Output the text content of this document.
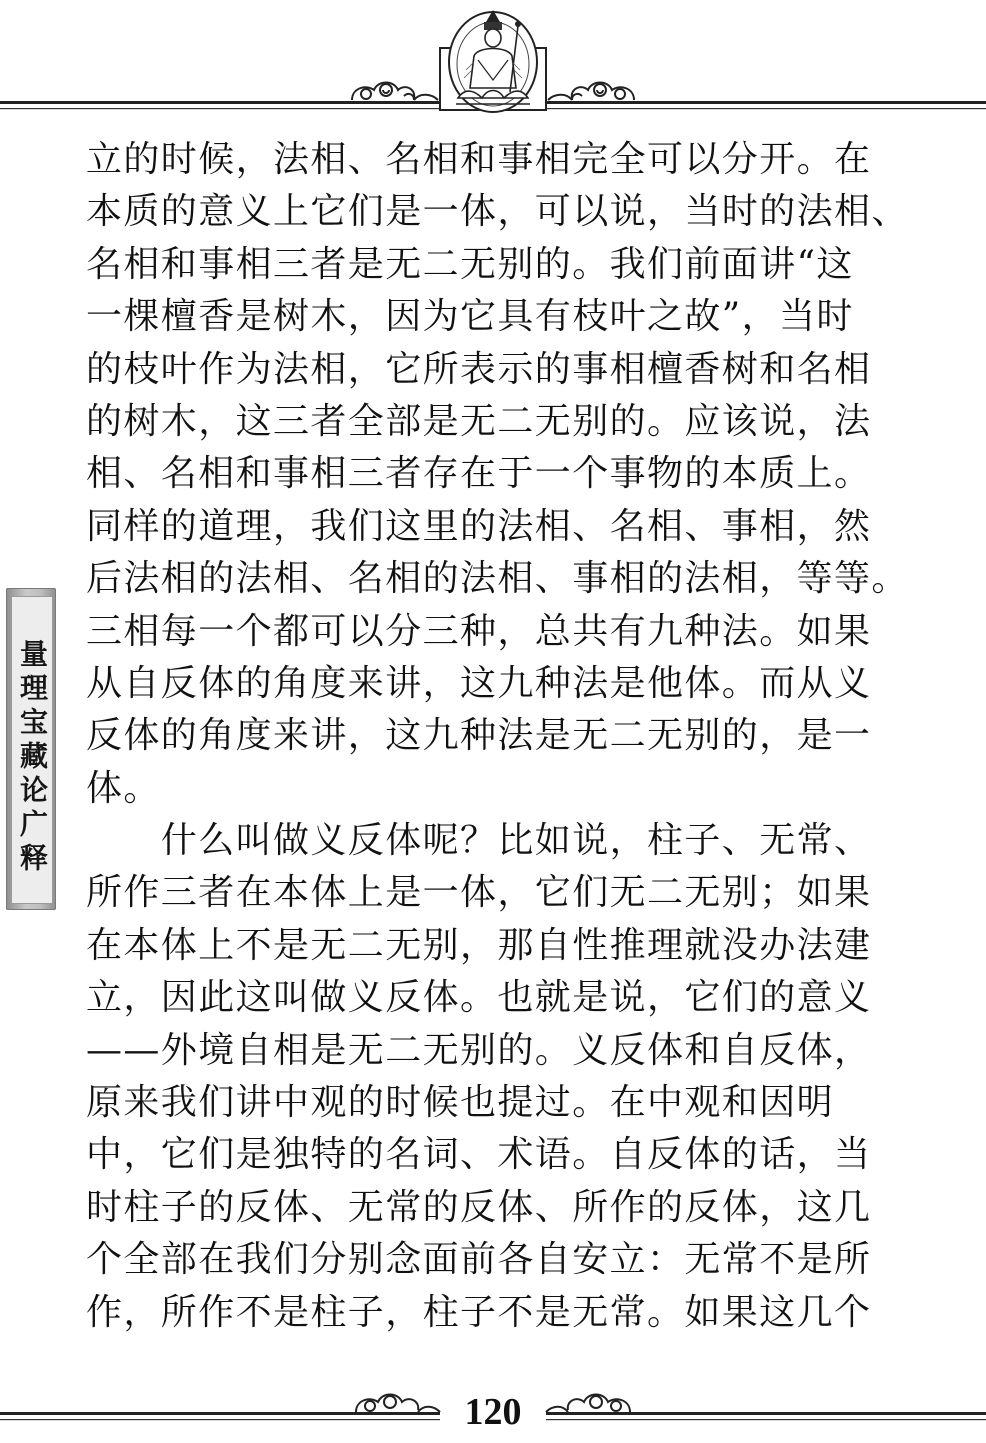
量理宝藏论广释
立的时候，法相、名相和事相完全可以分开。在
本质的意义上它们是一体，可以说，当时的法相、
名相和事相三者是无二无别的。我们前面讲“这
一棵檀香是树木，因为它具有枝叶之故”，当时
的枝叶作为法相，它所表示的事相檀香树和名相
的树木，这三者全部是无二无别的。应该说，法
相、名相和事相三者存在于一个事物的本质上。
同样的道理，我们这里的法相、名相、事相，然
后法相的法相、名相的法相、事相的法相，等等。
三相每一个都可以分三种，总共有九种法。如果
从自反体的角度来讲，这九种法是他体。而从义
反体的角度来讲，这九种法是无二无别的，是一
体。
　　什么叫做义反体呢？比如说，柱子、无常、
所作三者在本体上是一体，它们无二无别；如果
在本体上不是无二无别，那自性推理就没办法建
立，因此这叫做义反体。也就是说，它们的意义
——外境自相是无二无别的。义反体和自反体，
原来我们讲中观的时候也提过。在中观和因明
中，它们是独特的名词、术语。自反体的话，当
时柱子的反体、无常的反体、所作的反体，这几
个全部在我们分别念面前各自安立：无常不是所
作，所作不是柱子，柱子不是无常。如果这几个
120
